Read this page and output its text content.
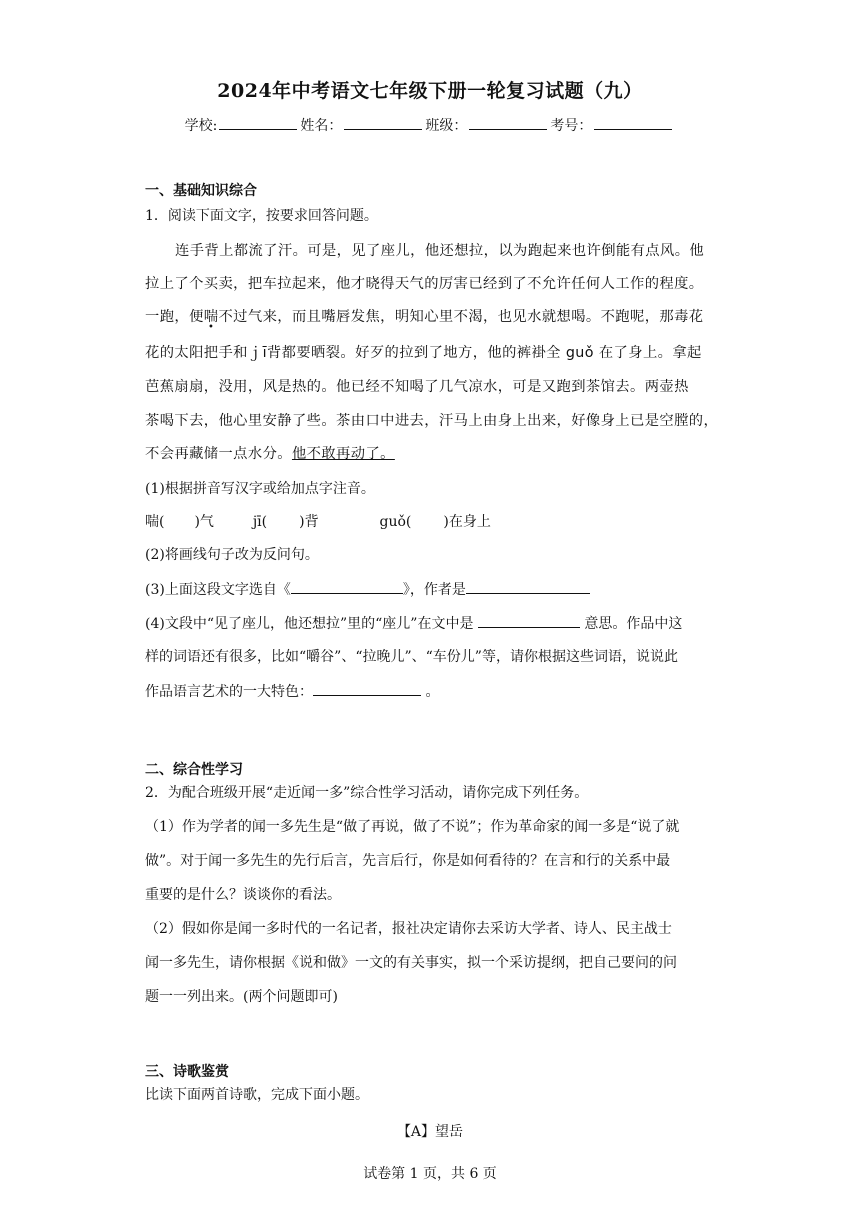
2024年中考语文七年级下册一轮复习试题（九）
学校:	姓名：	班级：	考号：
一、基础知识综合
1．阅读下面文字，按要求回答问题。
连手背上都流了汗。可是，见了座儿，他还想拉，以为跑起来也许倒能有点风。他
拉上了个买卖，把车拉起来，他才晓得天气的厉害已经到了不允许任何人工作的程度。
一跑，便喘不过气来，而且嘴唇发焦，明知心里不渴，也见水就想喝。不跑呢，那毒花
•
花的太阳把手和ｊī背都要晒裂。好歹的拉到了地方，他的裤褂全 guǒ 在了身上。拿起
芭蕉扇扇，没用，风是热的。他已经不知喝了几气凉水，可是又跑到茶馆去。两壶热
茶喝下去，他心里安静了些。茶由口中进去，汗马上由身上出来，好像身上已是空膛的，
不会再藏储一点水分。他不敢再动了。
(1)根据拼音写汉字或给加点字注音。
喘( )气	jī( )背	guǒ( )在身上
(2)将画线句子改为反问句。
(3)上面这段文字选自《	》，作者是
(4)文段中“见了座儿，他还想拉”里的“座儿”在文中是	意思。作品中这
样的词语还有很多，比如“嚼谷”、“拉晚儿”、“车份儿”等，请你根据这些词语，说说此
作品语言艺术的一大特色：	。
二、综合性学习
2．为配合班级开展“走近闻一多”综合性学习活动，请你完成下列任务。
（1）作为学者的闻一多先生是“做了再说，做了不说”；作为革命家的闻一多是“说了就
做”。对于闻一多先生的先行后言，先言后行，你是如何看待的？在言和行的关系中最
重要的是什么？谈谈你的看法。
（2）假如你是闻一多时代的一名记者，报社决定请你去采访大学者、诗人、民主战士
闻一多先生，请你根据《说和做》一文的有关事实，拟一个采访提纲，把自己要问的问
题一一列出来。(两个问题即可)
三、诗歌鉴赏
比读下面两首诗歌，完成下面小题。
【A】望岳
试卷第 1 页，共 6 页
